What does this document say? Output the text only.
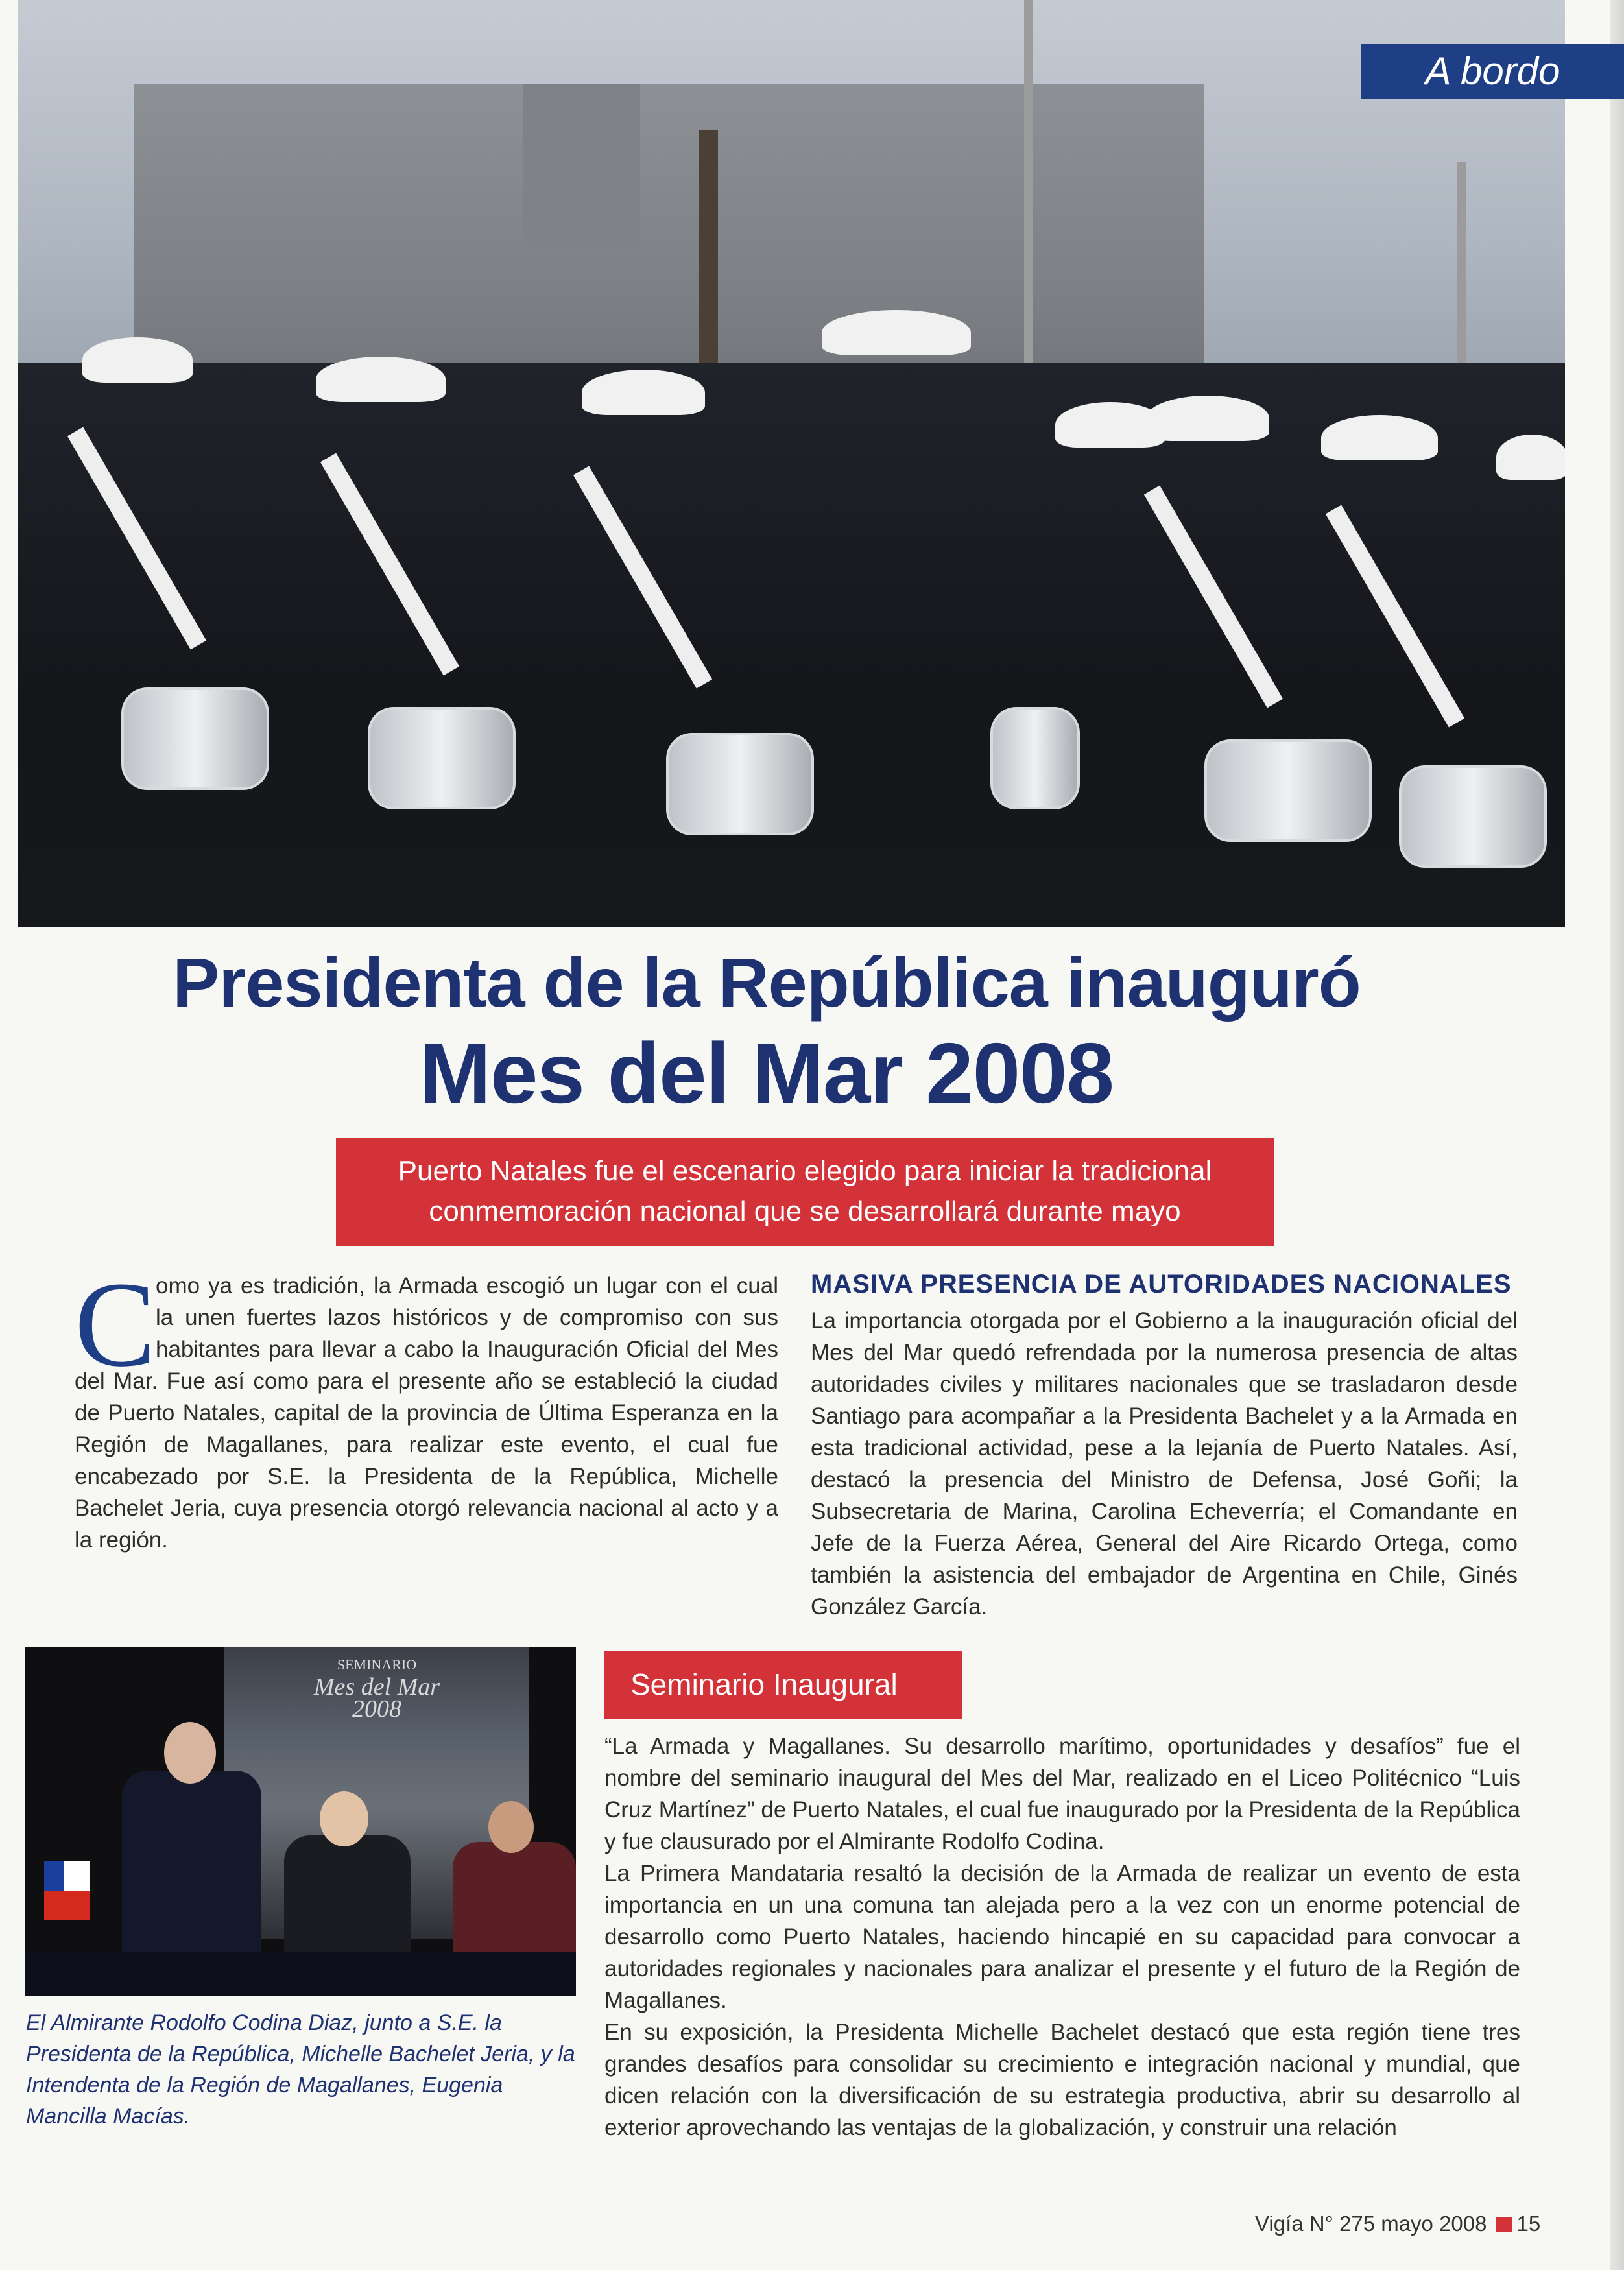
A bordo
Presidenta de la República inauguró
Mes del Mar 2008
Puerto Natales fue el escenario elegido para iniciar la tradicional
conmemoración nacional que se desarrollará durante mayo
C omo ya es tradición, la Armada escogió un lugar con el cual la unen fuertes lazos históricos y de compromiso con sus habitantes para llevar a cabo la Inauguración Oficial del Mes del Mar. Fue así como para el presente año se estableció la ciudad de Puerto Natales, capital de la provincia de Última Esperanza en la Región de Magallanes, para realizar este evento, el cual fue encabezado por S.E. la Presidenta de la República, Michelle Bachelet Jeria, cuya presencia otorgó relevancia nacional al acto y a la región.
MASIVA PRESENCIA DE AUTORIDADES NACIONALES
La importancia otorgada por el Gobierno a la inauguración oficial del Mes del Mar quedó refrendada por la numerosa presencia de altas autoridades civiles y militares nacionales que se trasladaron desde Santiago para acompañar a la Presidenta Bachelet y a la Armada en esta tradicional actividad, pese a la lejanía de Puerto Natales. Así, destacó la presencia del Ministro de Defensa, José Goñi; la Subsecretaria de Marina, Carolina Echeverría; el Comandante en Jefe de la Fuerza Aérea, General del Aire Ricardo Ortega, como también la asistencia del embajador de Argentina en Chile, Ginés González García.
SEMINARIO
Mes del Mar
2008
El Almirante Rodolfo Codina Diaz, junto a S.E. la Presidenta de la República, Michelle Bachelet Jeria, y la Intendenta de la Región de Magallanes, Eugenia Mancilla Macías.
Seminario Inaugural

“La Armada y Magallanes. Su desarrollo marítimo, oportunidades y desafíos” fue el nombre del seminario inaugural del Mes del Mar, realizado en el Liceo Politécnico “Luis Cruz Martínez” de Puerto Natales, el cual fue inaugurado por la Presidenta de la República y fue clausurado por el Almirante Rodolfo Codina.

La Primera Mandataria resaltó la decisión de la Armada de realizar un evento de esta importancia en un una comuna tan alejada pero a la vez con un enorme potencial de desarrollo como Puerto Natales, haciendo hincapié en su capacidad para convocar a autoridades regionales y nacionales para analizar el presente y el futuro de la Región de Magallanes.

En su exposición, la Presidenta Michelle Bachelet destacó que esta región tiene tres grandes desafíos para consolidar su crecimiento e integración nacional y mundial, que dicen relación con la diversificación de su estrategia productiva, abrir su desarrollo al exterior aprovechando las ventajas de la globalización, y construir una relación

Vigía N° 275 mayo 2008 15
